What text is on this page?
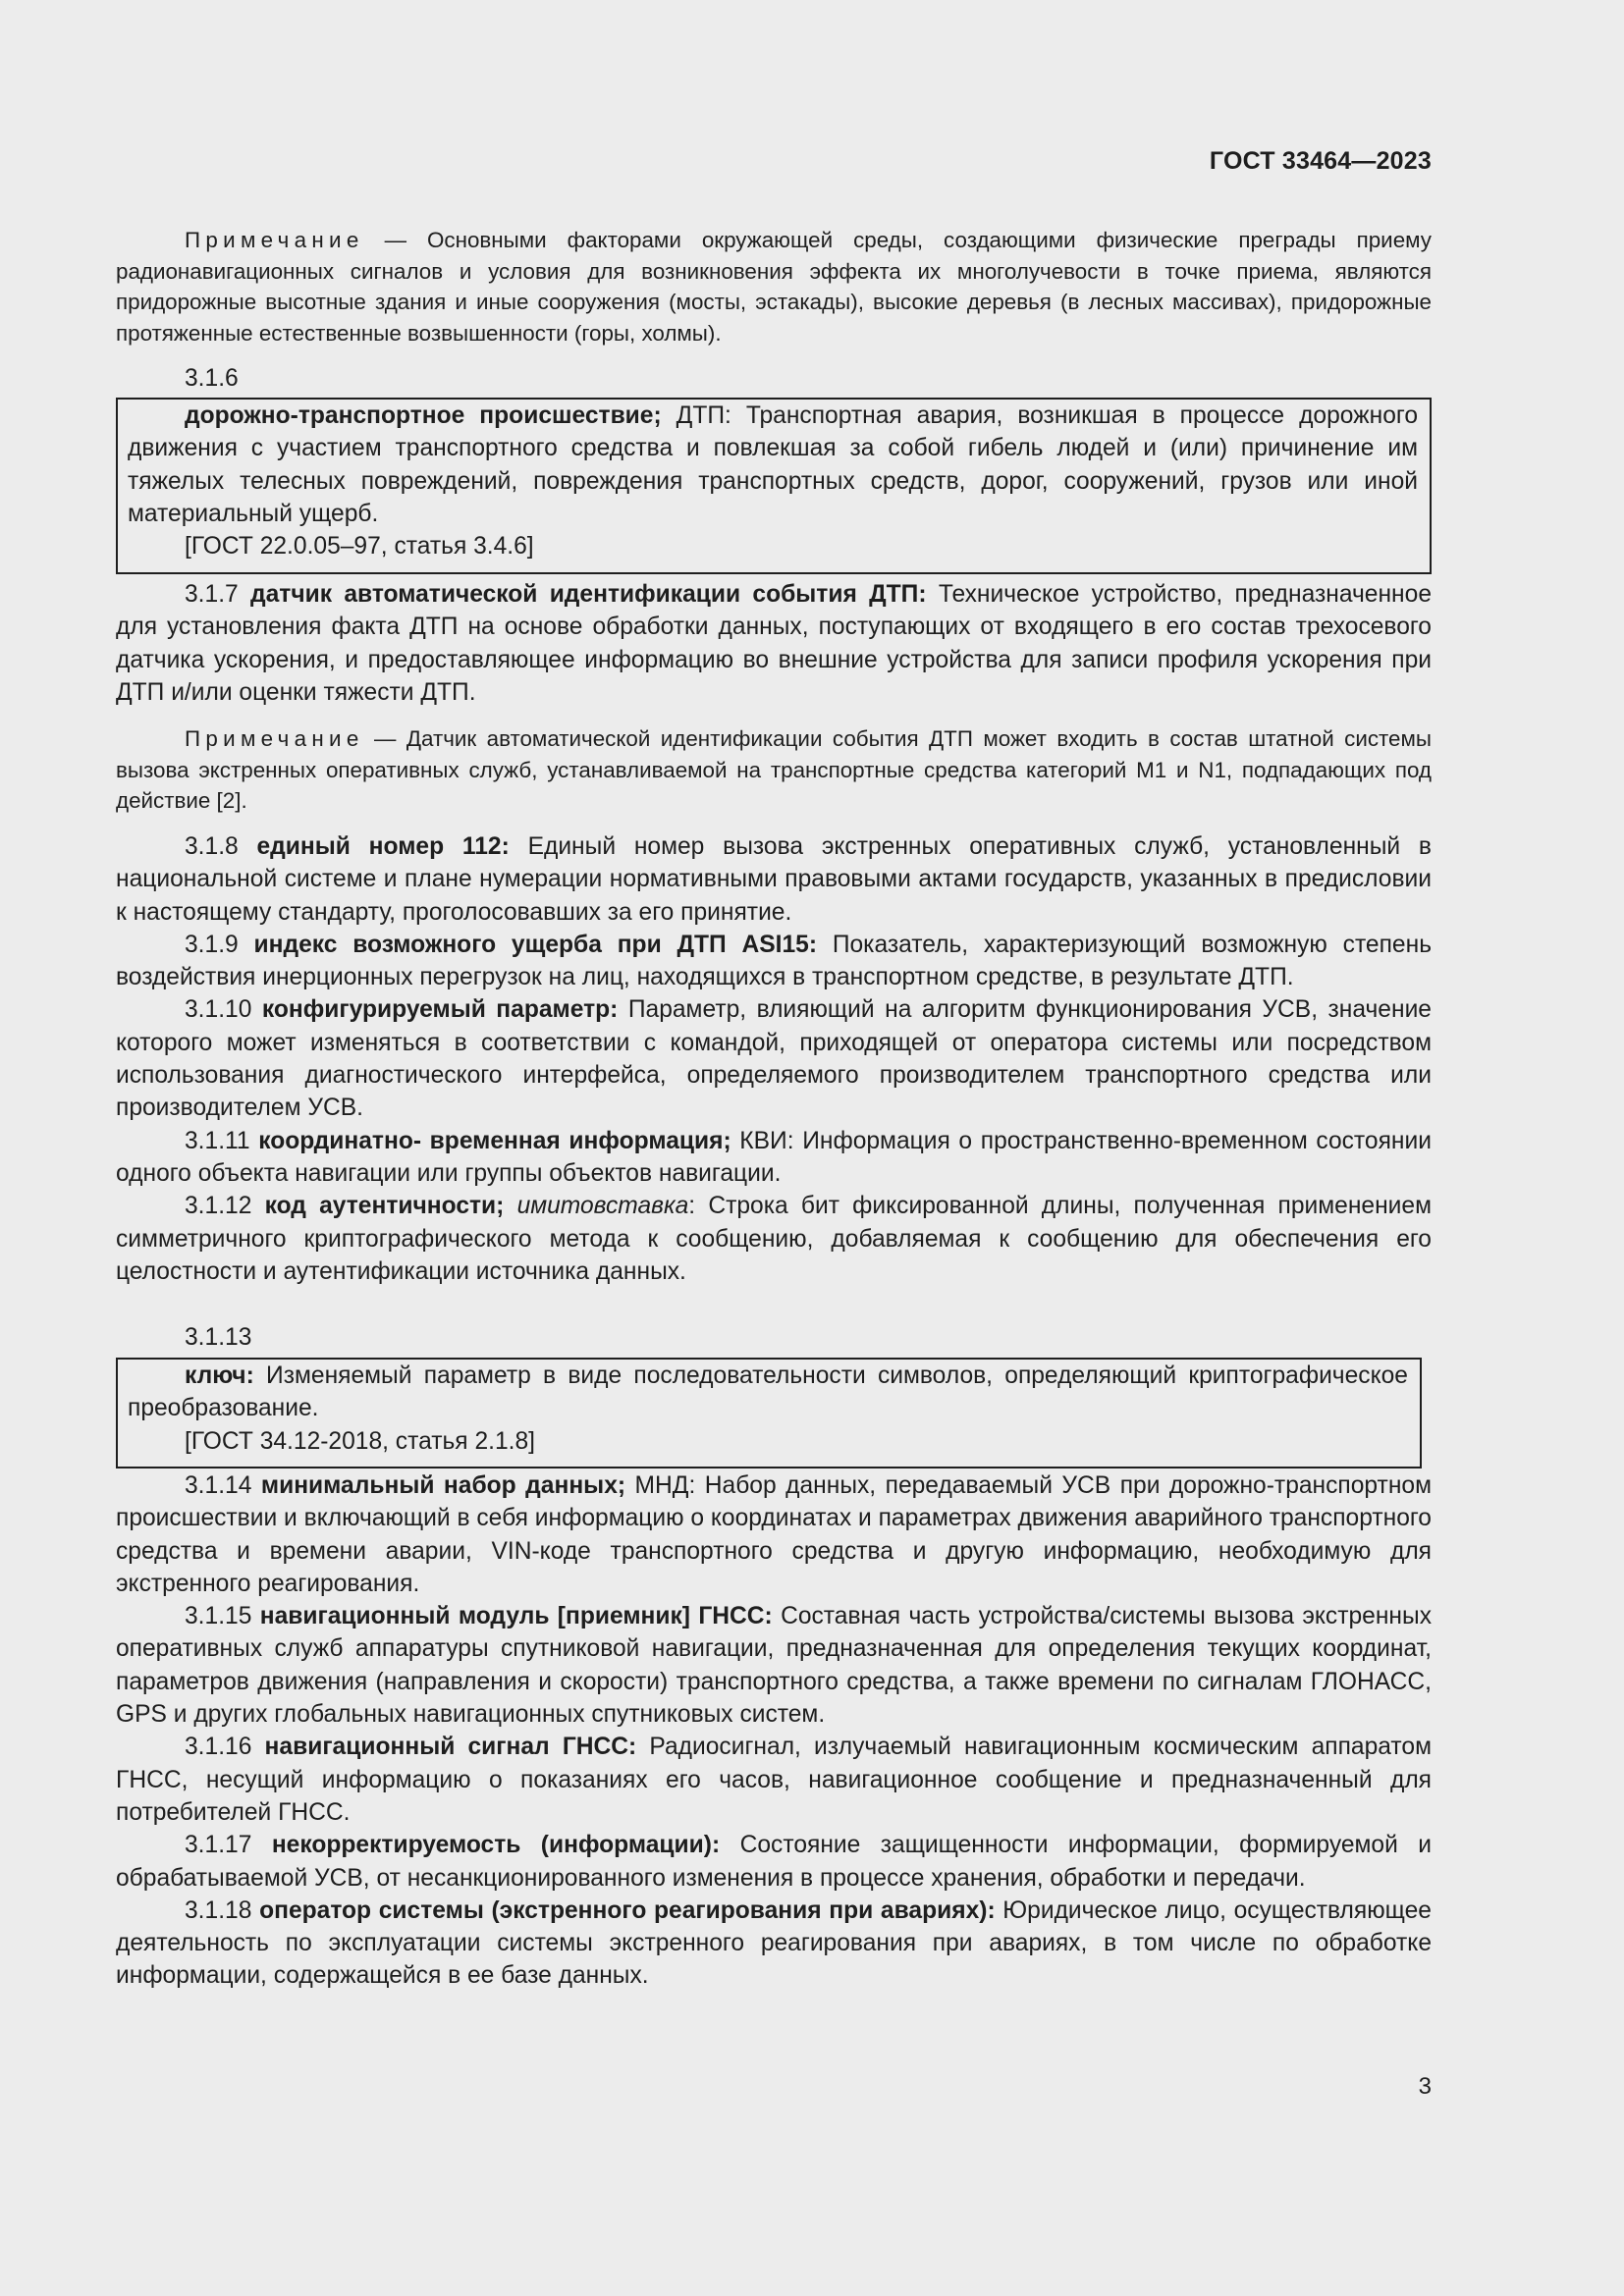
ГОСТ 33464—2023

Примечание — Основными факторами окружающей среды, создающими физические преграды приему радионавигационных сигналов и условия для возникновения эффекта их многолучевости в точке приема, являются придорожные высотные здания и иные сооружения (мосты, эстакады), высокие деревья (в лесных массивах), придорожные протяженные естественные возвышенности (горы, холмы).

3.1.6

дорожно-транспортное происшествие; ДТП: Транспортная авария, возникшая в процессе дорожного движения с участием транспортного средства и повлекшая за собой гибель людей и (или) причинение им тяжелых телесных повреждений, повреждения транспортных средств, дорог, сооружений, грузов или иной материальный ущерб.

[ГОСТ 22.0.05–97, статья 3.4.6]

3.1.7 датчик автоматической идентификации события ДТП: Техническое устройство, предназначенное для установления факта ДТП на основе обработки данных, поступающих от входящего в его состав трехосевого датчика ускорения, и предоставляющее информацию во внешние устройства для записи профиля ускорения при ДТП и/или оценки тяжести ДТП.

Примечание — Датчик автоматической идентификации события ДТП может входить в состав штатной системы вызова экстренных оперативных служб, устанавливаемой на транспортные средства категорий М1 и N1, подпадающих под действие [2].

3.1.8 единый номер 112: Единый номер вызова экстренных оперативных служб, установленный в национальной системе и плане нумерации нормативными правовыми актами государств, указанных в предисловии к настоящему стандарту, проголосовавших за его принятие.

3.1.9 индекс возможного ущерба при ДТП ASI15: Показатель, характеризующий возможную степень воздействия инерционных перегрузок на лиц, находящихся в транспортном средстве, в результате ДТП.

3.1.10 конфигурируемый параметр: Параметр, влияющий на алгоритм функционирования УСВ, значение которого может изменяться в соответствии с командой, приходящей от оператора системы или посредством использования диагностического интерфейса, определяемого производителем транспортного средства или производителем УСВ.

3.1.11 координатно- временная информация; КВИ: Информация о пространственно-временном состоянии одного объекта навигации или группы объектов навигации.

3.1.12 код аутентичности; имитовставка: Строка бит фиксированной длины, полученная применением симметричного криптографического метода к сообщению, добавляемая к сообщению для обеспечения его целостности и аутентификации источника данных.

3.1.13

ключ: Изменяемый параметр в виде последовательности символов, определяющий криптографическое преобразование.

[ГОСТ 34.12-2018, статья 2.1.8]

3.1.14 минимальный набор данных; МНД: Набор данных, передаваемый УСВ при дорожно-транспортном происшествии и включающий в себя информацию о координатах и параметрах движения аварийного транспортного средства и времени аварии, VIN-коде транспортного средства и другую информацию, необходимую для экстренного реагирования.

3.1.15 навигационный модуль [приемник] ГНСС: Составная часть устройства/системы вызова экстренных оперативных служб аппаратуры спутниковой навигации, предназначенная для определения текущих координат, параметров движения (направления и скорости) транспортного средства, а также времени по сигналам ГЛОНАСС, GPS и других глобальных навигационных спутниковых систем.

3.1.16 навигационный сигнал ГНСС: Радиосигнал, излучаемый навигационным космическим аппаратом ГНСС, несущий информацию о показаниях его часов, навигационное сообщение и предназначенный для потребителей ГНСС.

3.1.17 некорректируемость (информации): Состояние защищенности информации, формируемой и обрабатываемой УСВ, от несанкционированного изменения в процессе хранения, обработки и передачи.

3.1.18 оператор системы (экстренного реагирования при авариях): Юридическое лицо, осуществляющее деятельность по эксплуатации системы экстренного реагирования при авариях, в том числе по обработке информации, содержащейся в ее базе данных.

3
